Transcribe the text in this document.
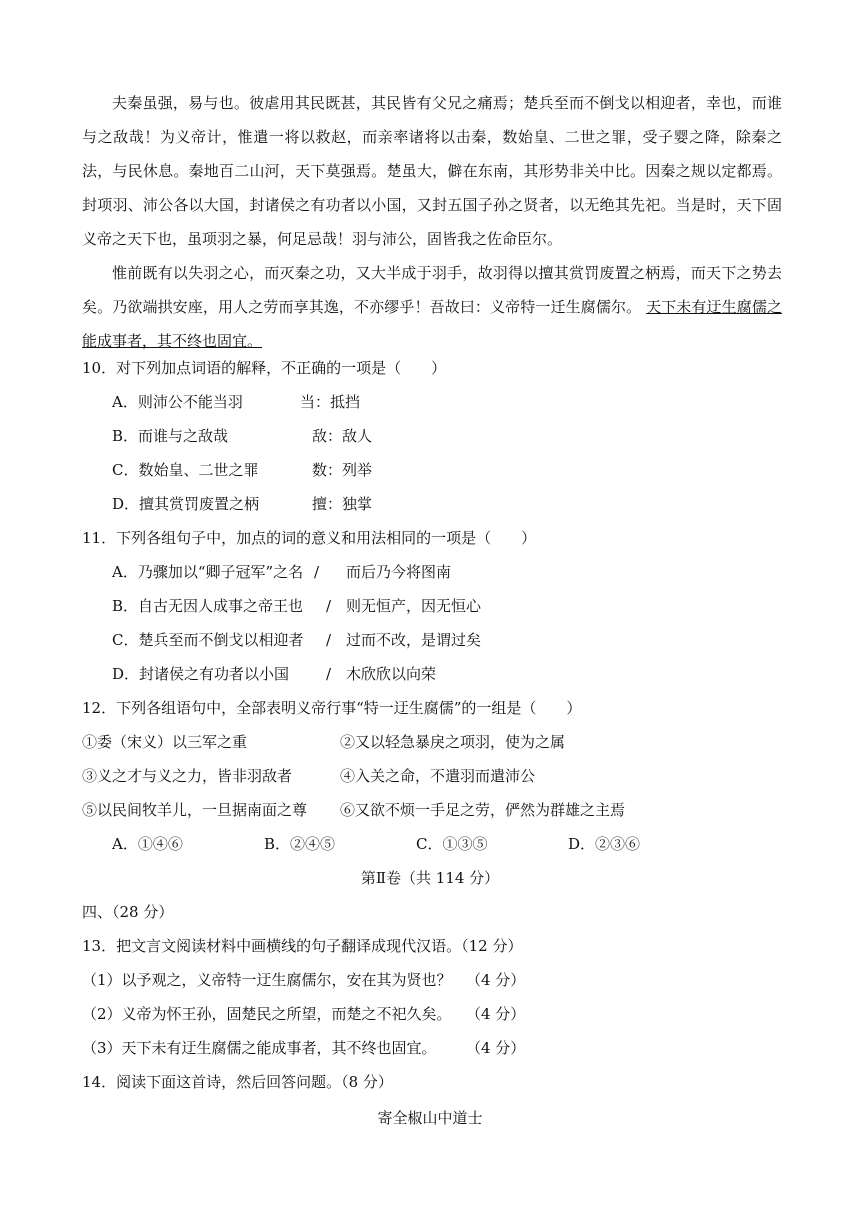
夫秦虽强，易与也。彼虐用其民既甚，其民皆有父兄之痛焉；楚兵至而不倒戈以相迎者，幸也，而谁与之敌哉！为义帝计，惟遣一将以救赵，而亲率诸将以击秦，数始皇、二世之罪，受子婴之降，除秦之法，与民休息。秦地百二山河，天下莫强焉。楚虽大，僻在东南，其形势非关中比。因秦之规以定都焉。封项羽、沛公各以大国，封诸侯之有功者以小国，又封五国子孙之贤者，以无绝其先祀。当是时，天下固义帝之天下也，虽项羽之暴，何足忌哉！羽与沛公，固皆我之佐命臣尔。

惟前既有以失羽之心，而灭秦之功，又大半成于羽手，故羽得以擅其赏罚废置之柄焉，而天下之势去矣。乃欲端拱安座，用人之劳而享其逸，不亦缪乎！吾故曰：义帝特一迁生腐儒尔。 天下未有迂生腐儒之能成事者，其不终也固宜。

10．对下列加点词语的解释，不正确的一项是（　　）
A．则沛公不能当羽	当：抵挡
B．而谁与之敌哉	敌：敌人
C．数始皇、二世之罪	数：列举
D．擅其赏罚废置之柄	擅：独掌
11．下列各组句子中，加点的词的意义和用法相同的一项是（　　）
A．乃骤加以“卿子冠军”之名 / 而后乃今将图南
B．自古无因人成事之帝王也 / 则无恒产，因无恒心
C．楚兵至而不倒戈以相迎者 / 过而不改，是谓过矣
D．封诸侯之有功者以小国 / 木欣欣以向荣
12．下列各组语句中，全部表明义帝行事“特一迂生腐儒”的一组是（　　）
①委（宋义）以三军之重	②又以轻急暴戾之项羽，使为之属
③义之才与义之力，皆非羽敌者	④入关之命，不遣羽而遣沛公
⑤以民间牧羊儿，一旦据南面之尊 ⑥又欲不烦一手足之劳，俨然为群雄之主焉
A．①④⑥	B．②④⑤	C．①③⑤	D．②③⑥
第Ⅱ卷（共 114 分）
四、（28 分）
13．把文言文阅读材料中画横线的句子翻译成现代汉语。（12 分）
（1）以予观之，义帝特一迂生腐儒尔，安在其为贤也？ （4 分）
（2）义帝为怀王孙，固楚民之所望，而楚之不祀久矣。 （4 分）
（3）天下未有迂生腐儒之能成事者，其不终也固宜。 （4 分）
14．阅读下面这首诗，然后回答问题。（8 分）
寄全椒山中道士
